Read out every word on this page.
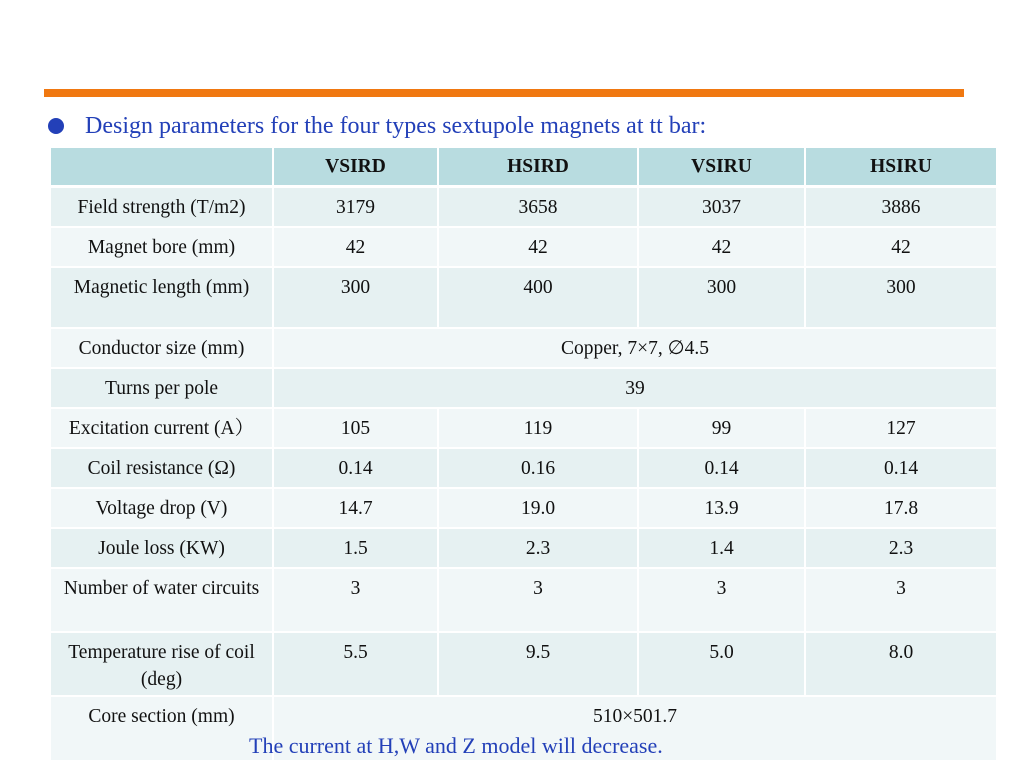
Design parameters for the four types sextupole magnets at tt bar:
	VSIRD	HSIRD	VSIRU	HSIRU
Field strength (T/m2)	3179	3658	3037	3886
Magnet bore (mm)	42	42	42	42
Magnetic length (mm)	300	400	300	300
Conductor size (mm)	Copper, 7×7, ∅4.5			
Turns per pole	39			
Excitation current (A）	105	119	99	127
Coil resistance (Ω)	0.14	0.16	0.14	0.14
Voltage drop (V)	14.7	19.0	13.9	17.8
Joule loss (KW)	1.5	2.3	1.4	2.3
Number of water circuits	3	3	3	3
Temperature rise of coil (deg)	5.5	9.5	5.0	8.0
Core section (mm)	510×501.7			
The current at H,W and Z model will decrease.
